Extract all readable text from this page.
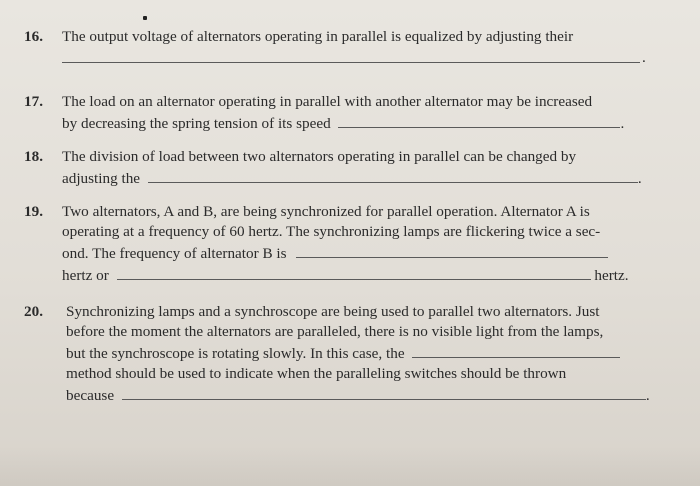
16.	The output voltage of alternators operating in parallel is equalized by adjusting their
.
17.	The load on an alternator operating in parallel with another alternator may be increased
by decreasing the spring tension of its speed	.
18.	The division of load between two alternators operating in parallel can be changed by
adjusting the	.
19.	Two alternators, A and B, are being synchronized for parallel operation. Alternator A is
operating at a frequency of 60 hertz. The synchronizing lamps are flickering twice a sec-
ond. The frequency of alternator B is
hertz or	hertz.
20.	Synchronizing lamps and a synchroscope are being used to parallel two alternators. Just
before the moment the alternators are paralleled, there is no visible light from the lamps,
but the synchroscope is rotating slowly. In this case, the
method should be used to indicate when the paralleling switches should be thrown
because	.
